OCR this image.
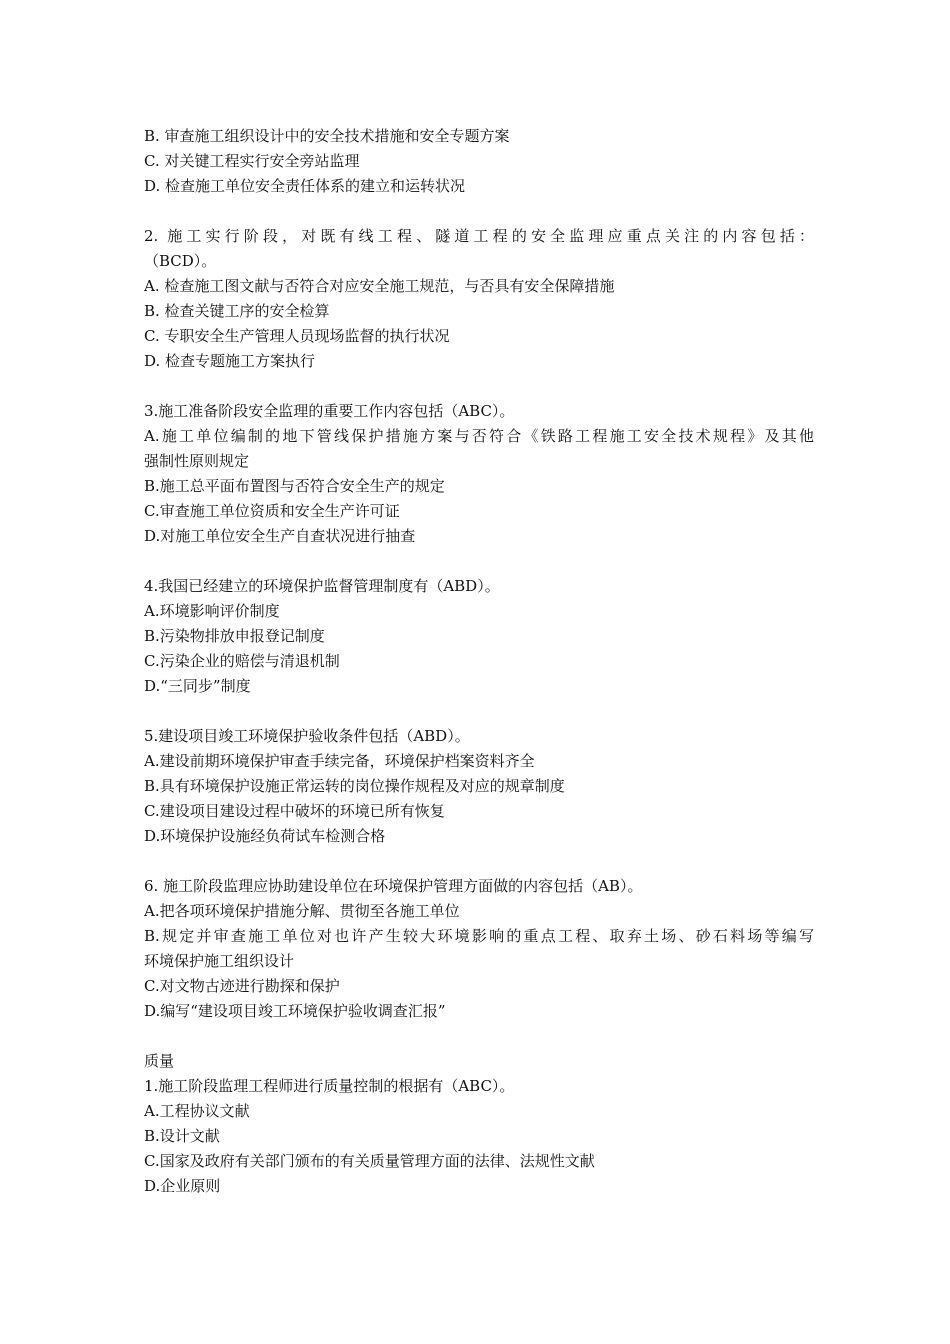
B. 审查施工组织设计中的安全技术措施和安全专题方案
C. 对关键工程实行安全旁站监理
D. 检查施工单位安全责任体系的建立和运转状况
2. 施工实行阶段，对既有线工程、隧道工程的安全监理应重点关注的内容包括：
（BCD）。
A. 检查施工图文献与否符合对应安全施工规范，与否具有安全保障措施
B. 检查关键工序的安全检算
C. 专职安全生产管理人员现场监督的执行状况
D. 检查专题施工方案执行
3.施工准备阶段安全监理的重要工作内容包括（ABC）。
A.施工单位编制的地下管线保护措施方案与否符合《铁路工程施工安全技术规程》及其他
强制性原则规定
B.施工总平面布置图与否符合安全生产的规定
C.审查施工单位资质和安全生产许可证
D.对施工单位安全生产自查状况进行抽查
4.我国已经建立的环境保护监督管理制度有（ABD）。
A.环境影响评价制度
B.污染物排放申报登记制度
C.污染企业的赔偿与清退机制
D.“三同步”制度
5.建设项目竣工环境保护验收条件包括（ABD）。
A.建设前期环境保护审查手续完备，环境保护档案资料齐全
B.具有环境保护设施正常运转的岗位操作规程及对应的规章制度
C.建设项目建设过程中破坏的环境已所有恢复
D.环境保护设施经负荷试车检测合格
6. 施工阶段监理应协助建设单位在环境保护管理方面做的内容包括（AB）。
A.把各项环境保护措施分解、贯彻至各施工单位
B.规定并审查施工单位对也许产生较大环境影响的重点工程、取弃土场、砂石料场等编写
环境保护施工组织设计
C.对文物古迹进行勘探和保护
D.编写“建设项目竣工环境保护验收调查汇报”
质量
1.施工阶段监理工程师进行质量控制的根据有（ABC）。
A.工程协议文献
B.设计文献
C.国家及政府有关部门颁布的有关质量管理方面的法律、法规性文献
D.企业原则
